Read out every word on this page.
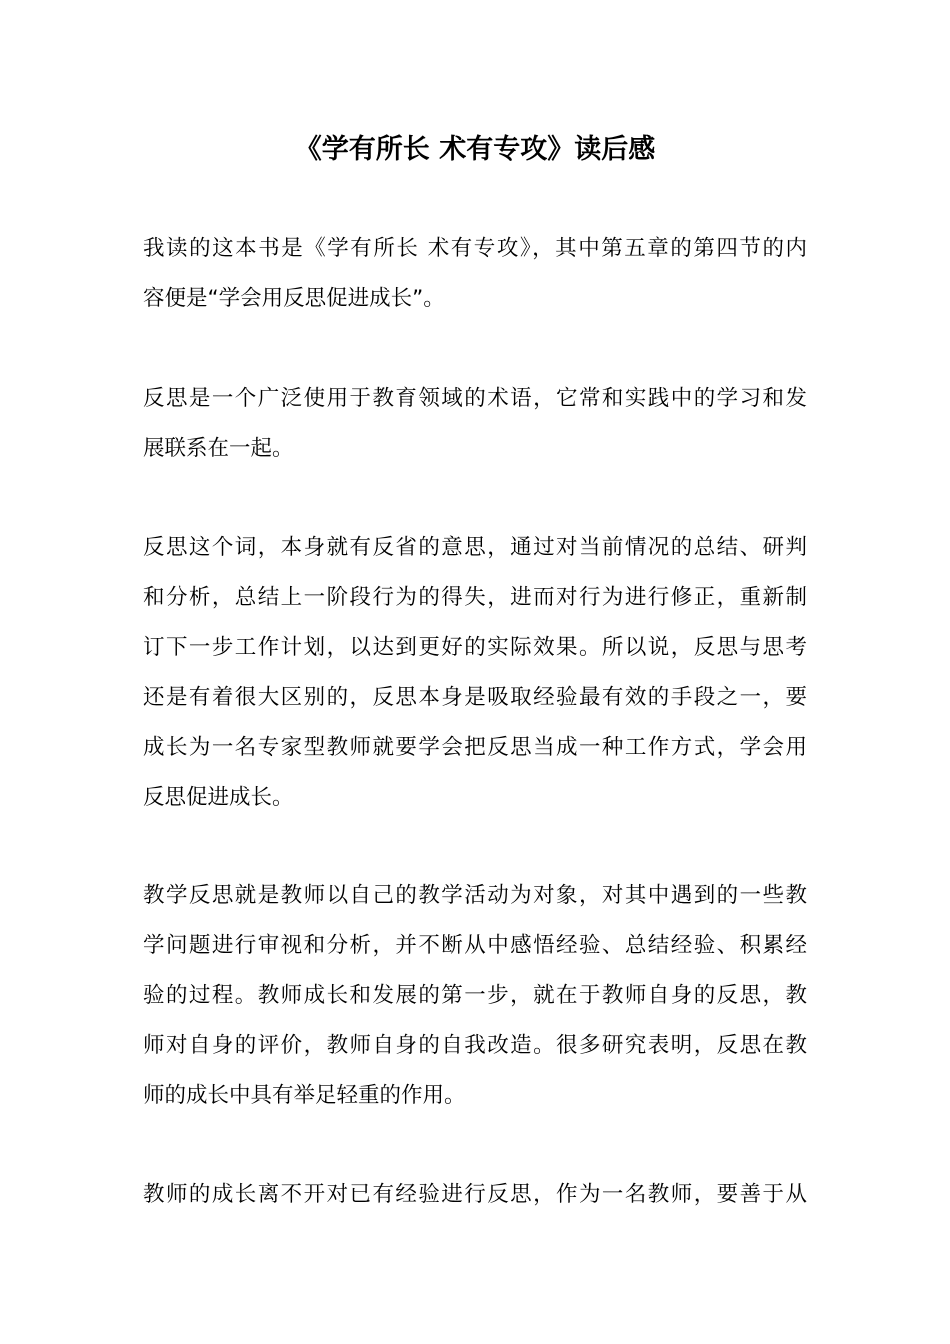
《学有所长 术有专攻》读后感
我读的这本书是《学有所长 术有专攻》，其中第五章的第四节的内
容便是“学会用反思促进成长”。
反思是一个广泛使用于教育领域的术语，它常和实践中的学习和发
展联系在一起。
反思这个词，本身就有反省的意思，通过对当前情况的总结、研判
和分析，总结上一阶段行为的得失，进而对行为进行修正，重新制
订下一步工作计划，以达到更好的实际效果。所以说，反思与思考
还是有着很大区别的，反思本身是吸取经验最有效的手段之一，要
成长为一名专家型教师就要学会把反思当成一种工作方式，学会用
反思促进成长。
教学反思就是教师以自己的教学活动为对象，对其中遇到的一些教
学问题进行审视和分析，并不断从中感悟经验、总结经验、积累经
验的过程。教师成长和发展的第一步，就在于教师自身的反思，教
师对自身的评价，教师自身的自我改造。很多研究表明，反思在教
师的成长中具有举足轻重的作用。
教师的成长离不开对已有经验进行反思，作为一名教师，要善于从
